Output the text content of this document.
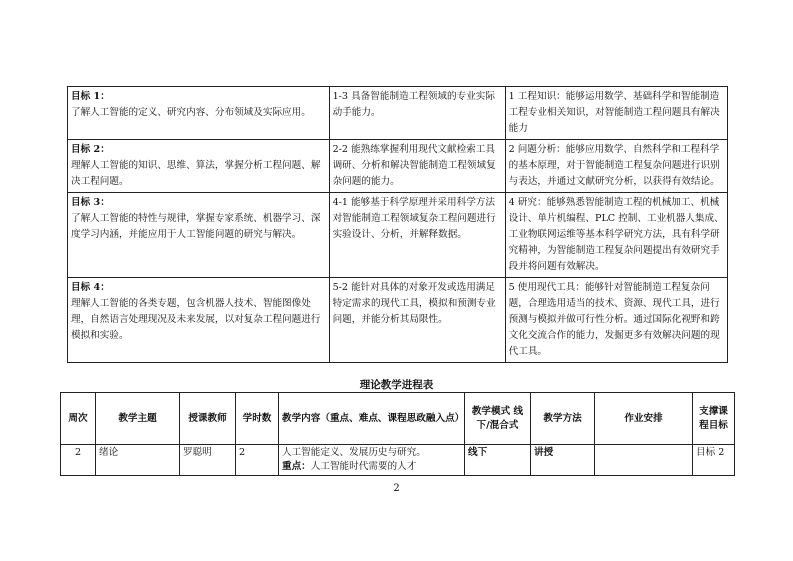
目标 1：
了解人工智能的定义、研究内容、分布领域及实际应用。	1-3 具备智能制造工程领域的专业实际动手能力。	1 工程知识：能够运用数学、基础科学和智能制造工程专业相关知识，对智能制造工程问题具有解决能力

目标 2：
理解人工智能的知识、思维、算法，掌握分析工程问题、解决工程问题。	2-2 能熟练掌握利用现代文献检索工具调研、分析和解决智能制造工程领域复杂问题的能力。	2 问题分析：能够应用数学、自然科学和工程科学的基本原理，对于智能制造工程复杂问题进行识别与表达，并通过文献研究分析，以获得有效结论。

目标 3：
了解人工智能的特性与规律，掌握专家系统、机器学习、深度学习内涵，并能应用于人工智能问题的研究与解决。	4-1 能够基于科学原理并采用科学方法对智能制造工程领域复杂工程问题进行实验设计、分析，并解释数据。	4 研究：能够熟悉智能制造工程的机械加工、机械设计、单片机编程、PLC 控制、工业机器人集成、工业物联网运维等基本科学研究方法，具有科学研究精神，为智能制造工程复杂问题提出有效研究手段并将问题有效解决。

目标 4：
理解人工智能的各类专题，包含机器人技术、智能图像处理，自然语言处理现况及未来发展，以对复杂工程问题进行模拟和实验。	5-2 能针对具体的对象开发或选用满足特定需求的现代工具，模拟和预测专业问题，并能分析其局限性。	5 使用现代工具：能够针对智能制造工程复杂问题，合理选用适当的技术、资源、现代工具，进行预测与模拟并做可行性分析。通过国际化视野和跨文化交流合作的能力，发掘更多有效解决问题的现代工具。
理论教学进程表
周次	教学主题	授课教师	学时数	教学内容（重点、难点、课程思政融入点）	教学模式 线下/混合式	教学方法	作业安排	支撑课程目标
2	绪论	罗聪明	2	人工智能定义、发展历史与研究。
重点：人工智能时代需要的人才	线下	讲授		目标 2
2
